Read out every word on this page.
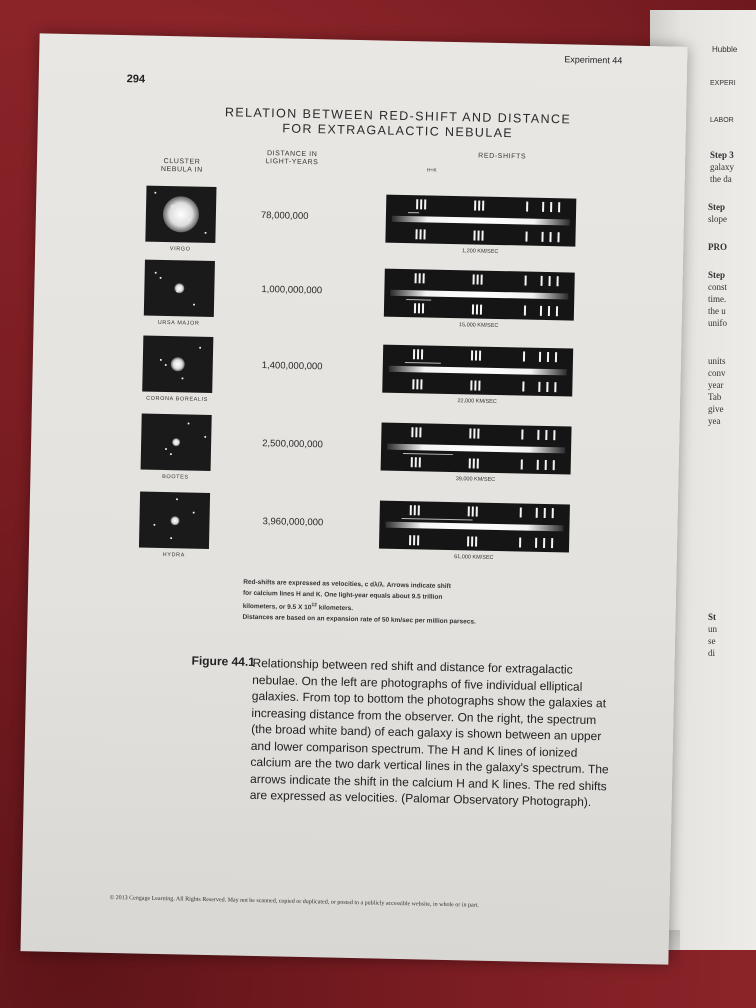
Hubble
EXPERI
LABOR
Step 3
galaxy
the da
Step
slope
PRO
Step
const
time.
the u
unifo
units
conv
year
Tab
give
yea
St
un
se
di
294
Experiment 44
RELATION BETWEEN RED-SHIFT AND DISTANCE
FOR EXTRAGALACTIC NEBULAE
CLUSTER
NEBULA IN
DISTANCE IN
LIGHT-YEARS
RED-SHIFTS
H+K
VIRGO
78,000,000
1,200 KM/SEC
URSA MAJOR
1,000,000,000
15,000 KM/SEC
CORONA BOREALIS
1,400,000,000
22,000 KM/SEC
BOOTES
2,500,000,000
39,000 KM/SEC
HYDRA
3,960,000,000
61,000 KM/SEC
Red-shifts are expressed as velocities, c dλ/λ. Arrows indicate shift
for calcium lines H and K. One light-year equals about 9.5 trillion
kilometers, or 9.5 X $10^{12}$ kilometers.
Distances are based on an expansion rate of 50 km/sec per million parsecs.
Figure 44.1
Relationship between red shift and distance for extragalactic nebulae. On the left are photographs of five individual elliptical galaxies. From top to bottom the photographs show the galaxies at increasing distance from the observer. On the right, the spectrum (the broad white band) of each galaxy is shown between an upper and lower comparison spectrum. The H and K lines of ionized calcium are the two dark vertical lines in the galaxy's spectrum. The arrows indicate the shift in the calcium H and K lines. The red shifts are expressed as velocities. (Palomar Observatory Photograph).
© 2013 Cengage Learning. All Rights Reserved. May not be scanned, copied or duplicated, or posted to a publicly accessible website, in whole or in part.
